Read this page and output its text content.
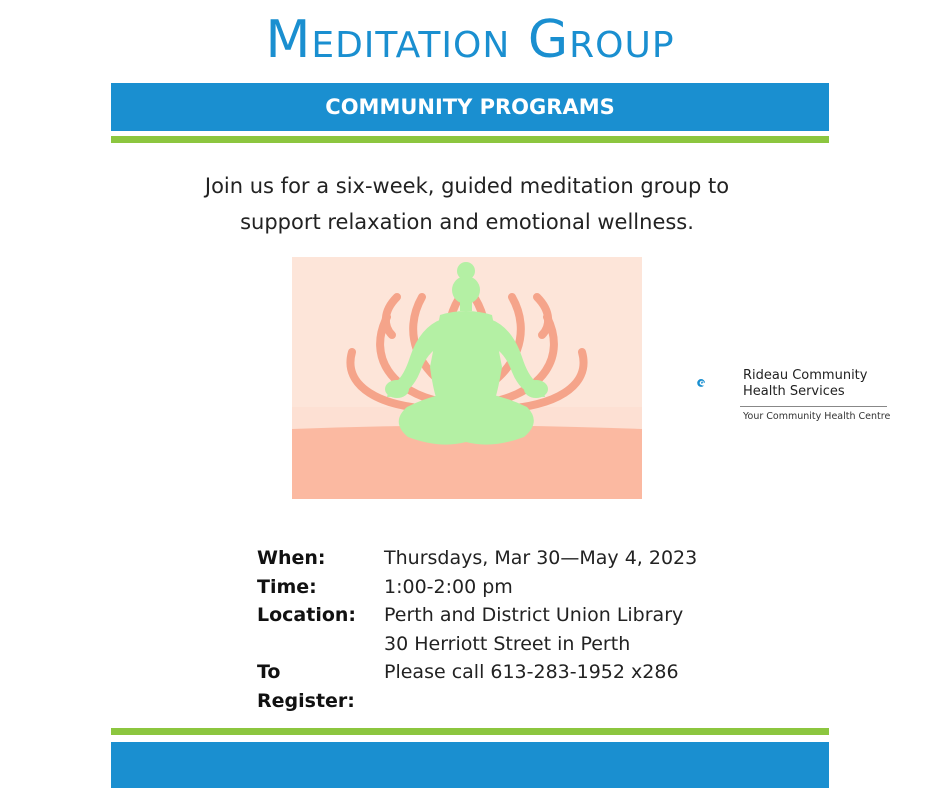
Meditation Group
COMMUNITY PROGRAMS
Join us for a six-week, guided meditation group to
support relaxation and emotional wellness.
Rideau Community
Health Services
Your Community Health Centre
When:	Thursdays, Mar 30—May 4, 2023
Time:	1:00-2:00 pm
Location:	Perth and District Union Library
30 Herriott Street in Perth
To Register:
Please call 613-283-1952 x286
